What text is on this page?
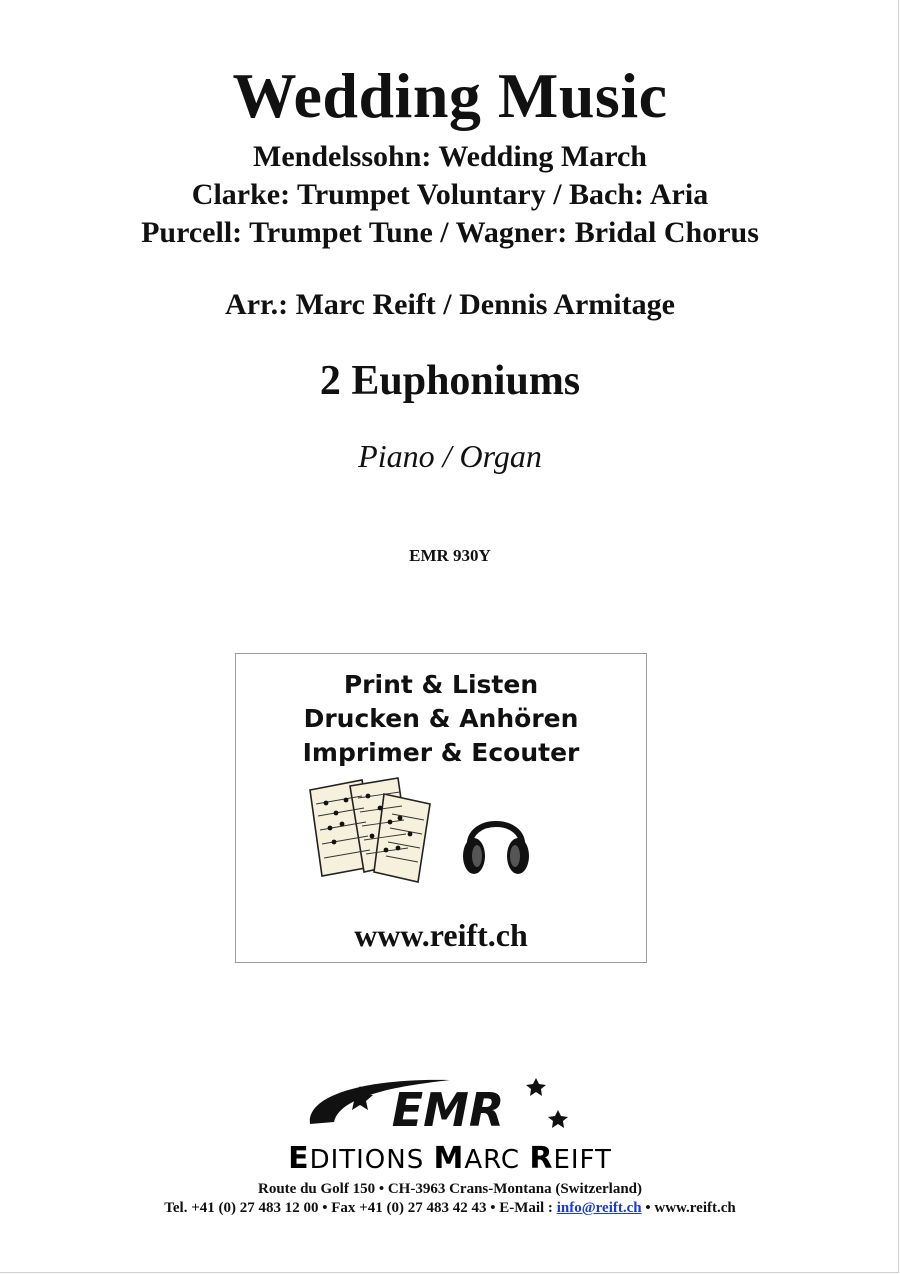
Wedding Music
Mendelssohn: Wedding March
Clarke: Trumpet Voluntary / Bach: Aria
Purcell: Trumpet Tune / Wagner: Bridal Chorus
Arr.: Marc Reift / Dennis Armitage
2 Euphoniums
Piano / Organ
EMR 930Y
Print & Listen
Drucken & Anhören
Imprimer & Ecouter
www.reift.ch
EMR
EDITIONS MARC REIFT
Route du Golf 150 • CH-3963 Crans-Montana (Switzerland)
Tel. +41 (0) 27 483 12 00 • Fax +41 (0) 27 483 42 43 • E-Mail : info@reift.ch • www.reift.ch
